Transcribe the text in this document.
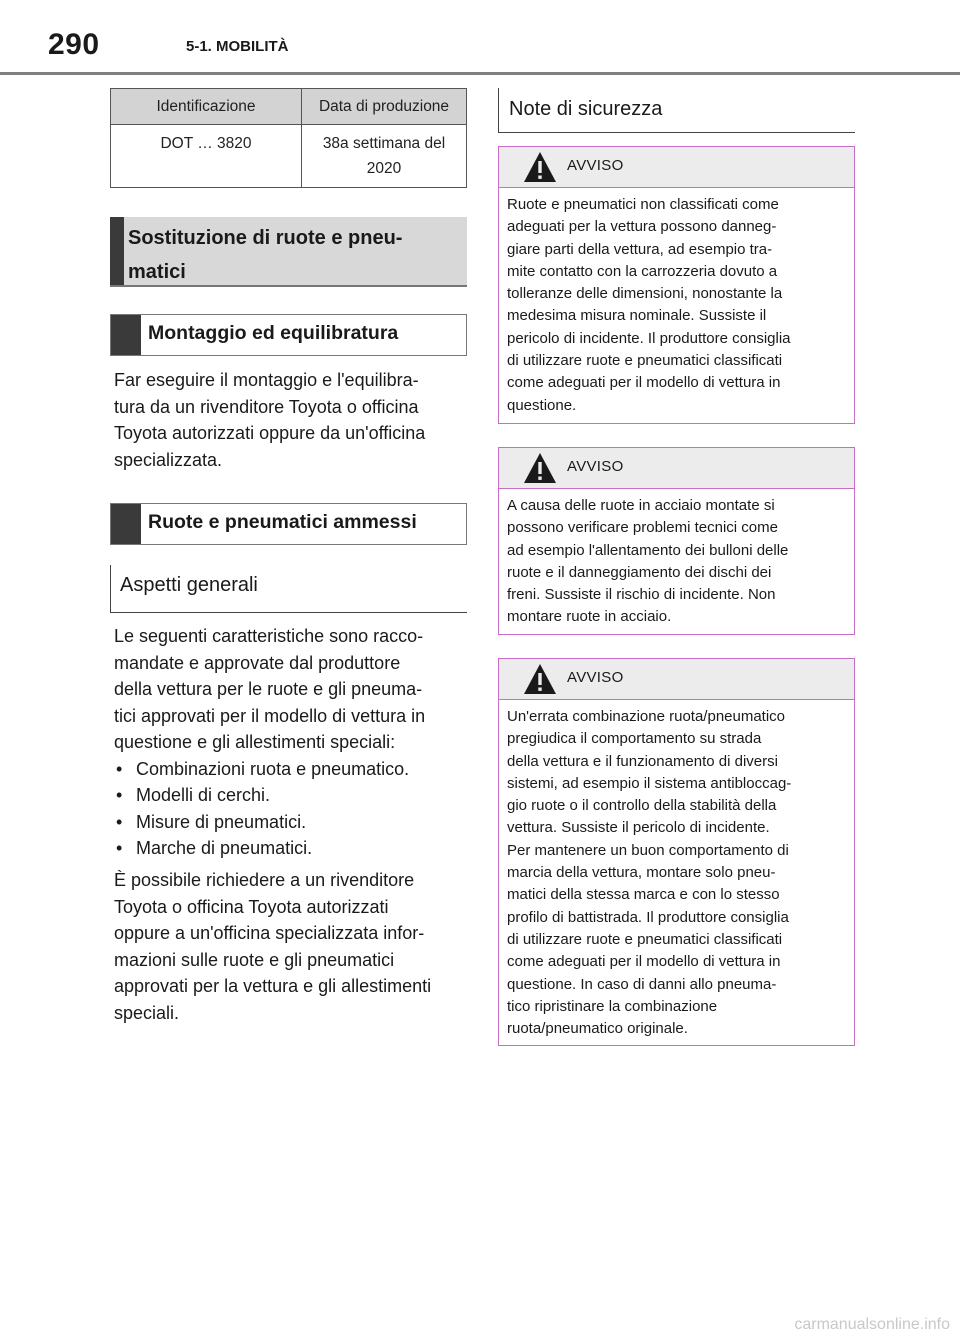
290	5-1. MOBILITÀ
Identificazione	Data di produzione
DOT … 3820	38a settimana del
2020
Sostituzione di ruote e pneu-
matici
Montaggio ed equilibratura

Far eseguire il montaggio e l'equilibra-

tura da un rivenditore Toyota o officina

Toyota autorizzati oppure da un'officina

specializzata.

Ruote e pneumatici ammessi
Aspetti generali

Le seguenti caratteristiche sono racco-

mandate e approvate dal produttore

della vettura per le ruote e gli pneuma-

tici approvati per il modello di vettura in

questione e gli allestimenti speciali:

• Combinazioni ruota e pneumatico.
• Modelli di cerchi.
• Misure di pneumatici.
• Marche di pneumatici.

È possibile richiedere a un rivenditore

Toyota o officina Toyota autorizzati

oppure a un'officina specializzata infor-

mazioni sulle ruote e gli pneumatici

approvati per la vettura e gli allestimenti

speciali.

Note di sicurezza
AVVISO

Ruote e pneumatici non classificati come

adeguati per la vettura possono danneg-

giare parti della vettura, ad esempio tra-

mite contatto con la carrozzeria dovuto a

tolleranze delle dimensioni, nonostante la

medesima misura nominale. Sussiste il

pericolo di incidente. Il produttore consiglia

di utilizzare ruote e pneumatici classificati

come adeguati per il modello di vettura in

questione.

AVVISO

A causa delle ruote in acciaio montate si

possono verificare problemi tecnici come

ad esempio l'allentamento dei bulloni delle

ruote e il danneggiamento dei dischi dei

freni. Sussiste il rischio di incidente. Non

montare ruote in acciaio.

AVVISO

Un'errata combinazione ruota/pneumatico

pregiudica il comportamento su strada

della vettura e il funzionamento di diversi

sistemi, ad esempio il sistema antibloccag-

gio ruote o il controllo della stabilità della

vettura. Sussiste il pericolo di incidente.

Per mantenere un buon comportamento di

marcia della vettura, montare solo pneu-

matici della stessa marca e con lo stesso

profilo di battistrada. Il produttore consiglia

di utilizzare ruote e pneumatici classificati

come adeguati per il modello di vettura in

questione. In caso di danni allo pneuma-

tico ripristinare la combinazione

ruota/pneumatico originale.

carmanualsonline.info
